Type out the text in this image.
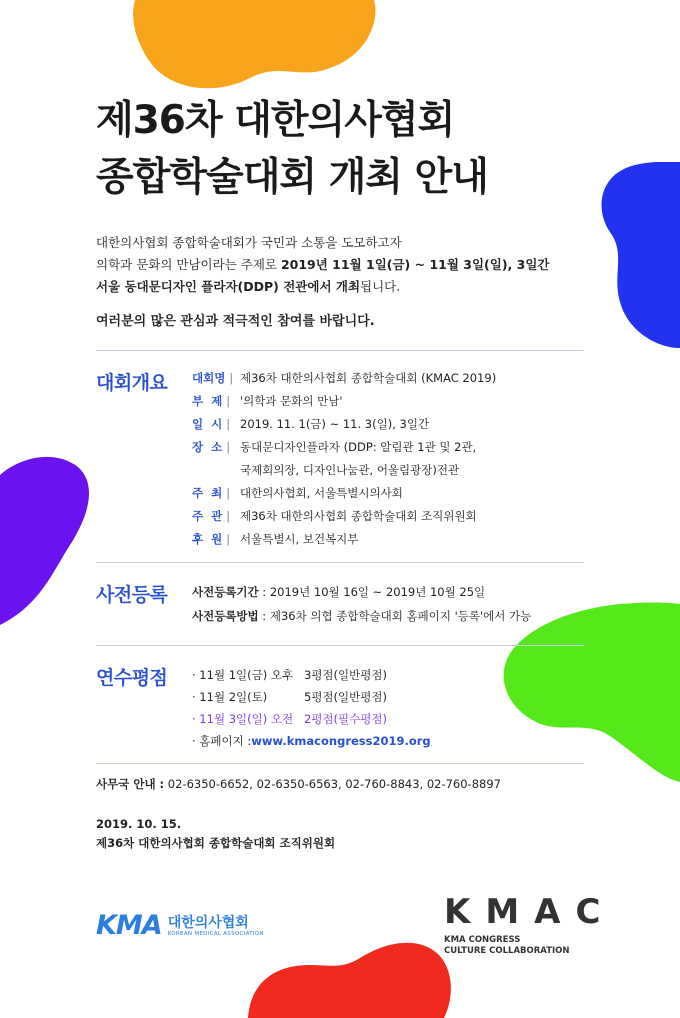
제36차 대한의사협회
종합학술대회 개최 안내
대한의사협회 종합학술대회가 국민과 소통을 도모하고자
의학과 문화의 만남이라는 주제로 2019년 11월 1일(금) ~ 11월 3일(일), 3일간
서울 동대문디자인 플라자(DDP) 전관에서 개최됩니다.
여러분의 많은 관심과 적극적인 참여를 바랍니다.
대회개요 대회명 | 제36차 대한의사협회 종합학술대회 (KMAC 2019)
부  제 | '의학과 문화의 만남'
일  시 | 2019. 11. 1(금) ~ 11. 3(일), 3일간
장  소 | 동대문디자인플라자 (DDP: 알림관 1관 및 2관,
국제회의장, 디자인나눔관, 어울림광장)전관
주  최 | 대한의사협회, 서울특별시의사회
주  관 | 제36차 대한의사협회 종합학술대회 조직위원회
후  원 | 서울특별시, 보건복지부
사전등록 사전등록기간 : 2019년 10월 16일 ~ 2019년 10월 25일
사전등록방법 : 제36차 의협 종합학술대회 홈페이지 '등록'에서 가능
연수평점 · 11월 1일(금) 오후 3평점(일반평점)
· 11월 2일(토)	5평점(일반평점)
· 11월 3일(일) 오전 2평점(필수평점)
· 홈페이지 : www.kmacongress2019.org
사무국 안내 : 02-6350-6652, 02-6350-6563, 02-760-8843, 02-760-8897
2019. 10. 15.
제36차 대한의사협회 종합학술대회 조직위원회
KMA 대한의사협회
KOREAN MEDICAL ASSOCIATION
KMAC
KMA CONGRESS
CULTURE COLLABORATION
